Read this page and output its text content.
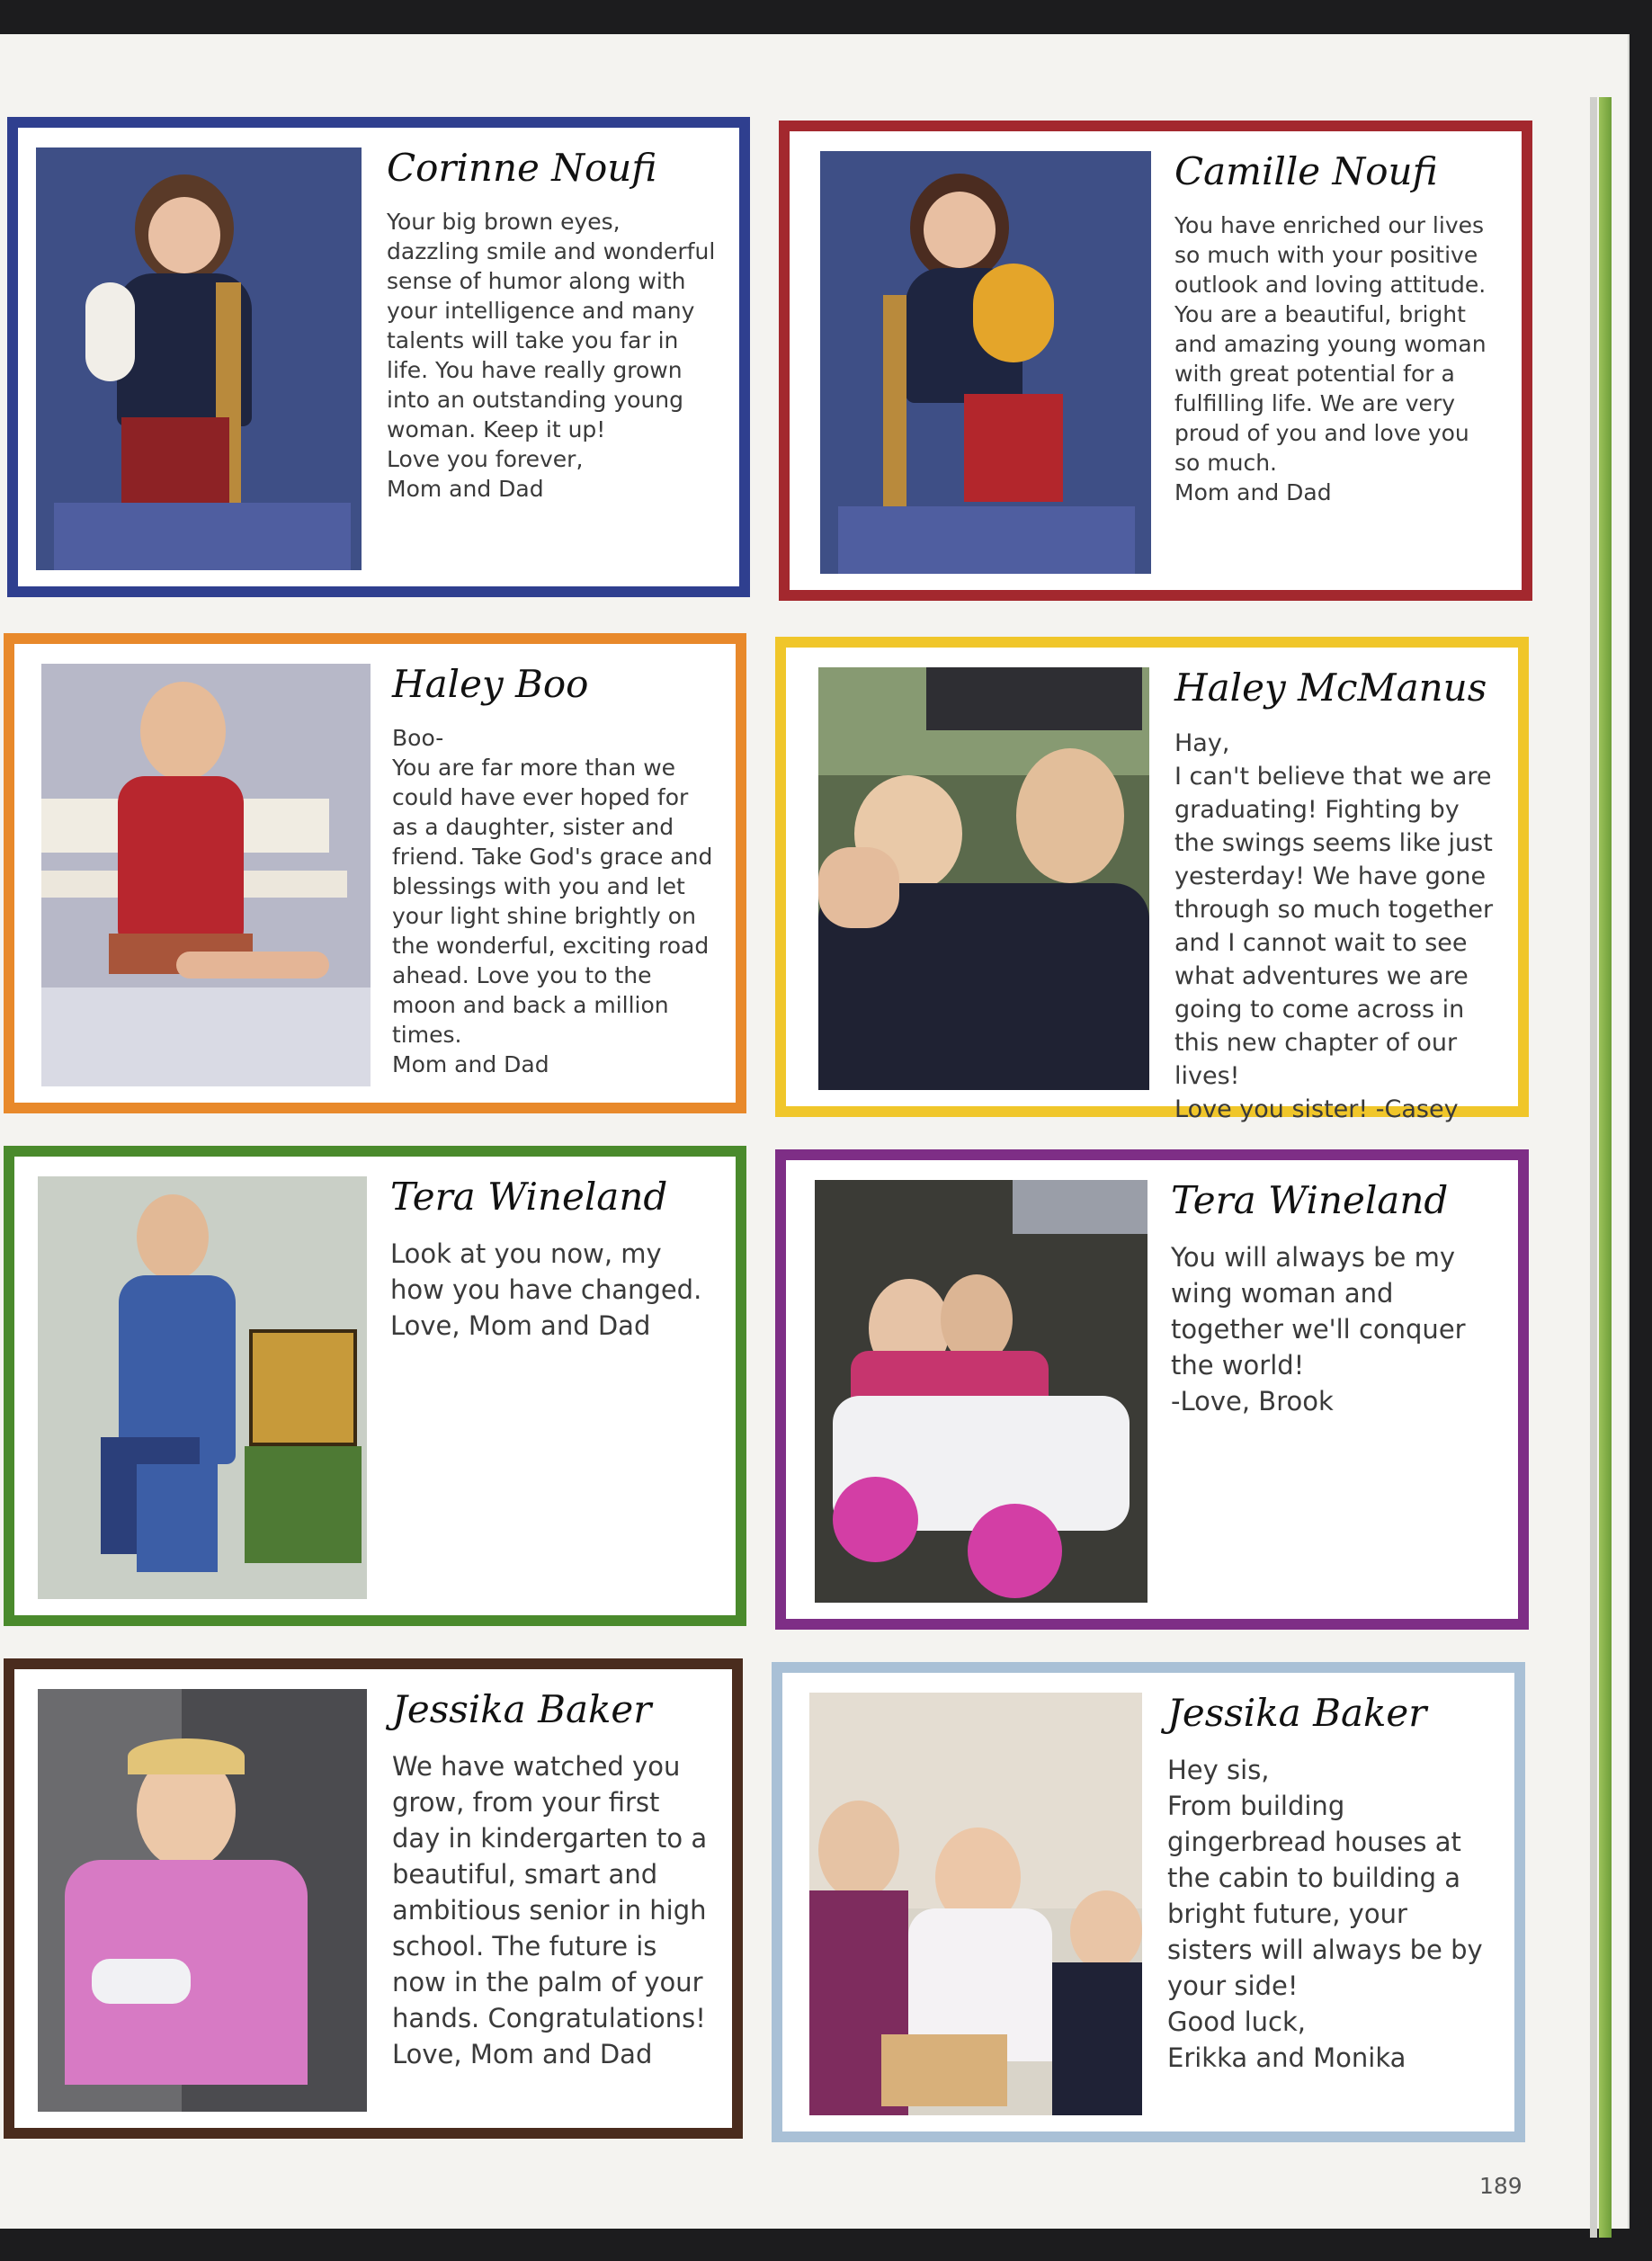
Corinne Noufi

Your big brown eyes, dazzling smile and wonderful sense of humor along with your intelligence and many talents will take you far in life. You have really grown into an outstanding young woman. Keep it up!
Love you forever,
Mom and Dad

Camille Noufi

You have enriched our lives so much with your positive outlook and loving attitude. You are a beautiful, bright and amazing young woman with great potential for a fulfilling life. We are very proud of you and love you so much.
Mom and Dad

Haley Boo

Boo-
You are far more than we could have ever hoped for as a daughter, sister and friend. Take God's grace and blessings with you and let your light shine brightly on the wonderful, exciting road ahead. Love you to the moon and back a million times.
Mom and Dad

Haley McManus

Hay,
I can't believe that we are graduating! Fighting by the swings seems like just yesterday! We have gone through so much together and I cannot wait to see what adventures we are going to come across in this new chapter of our lives!
Love you sister! -Casey

Tera Wineland

Look at you now, my how you have changed.
Love, Mom and Dad

Tera Wineland

You will always be my wing woman and together we'll conquer the world!
-Love, Brook

Jessika Baker

We have watched you grow, from your first day in kindergarten to a beautiful, smart and ambitious senior in high school. The future is now in the palm of your hands. Congratulations!
Love, Mom and Dad

Jessika Baker

Hey sis,
From building gingerbread houses at the cabin to building a bright future, your sisters will always be by your side!
Good luck,
Erikka and Monika

189
